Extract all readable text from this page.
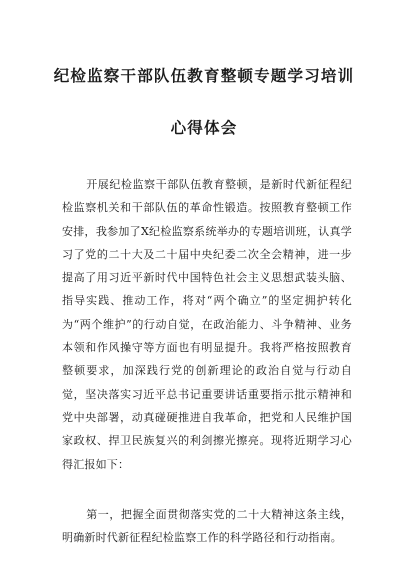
纪检监察干部队伍教育整顿专题学习培训
心得体会

开展纪检监察干部队伍教育整顿，是新时代新征程纪检监察机关和干部队伍的革命性锻造。按照教育整顿工作安排，我参加了X纪检监察系统举办的专题培训班，认真学习了党的二十大及二十届中央纪委二次全会精神，进一步提高了用习近平新时代中国特色社会主义思想武装头脑、指导实践、推动工作，将对“两个确立”的坚定拥护转化为“两个维护”的行动自觉，在政治能力、斗争精神、业务本领和作风操守等方面也有明显提升。我将严格按照教育整顿要求，加深践行党的创新理论的政治自觉与行动自觉，坚决落实习近平总书记重要讲话重要指示批示精神和党中央部署，动真碰硬推进自我革命，把党和人民维护国家政权、捍卫民族复兴的利剑擦光擦亮。现将近期学习心得汇报如下：

第一，把握全面贯彻落实党的二十大精神这条主线，明确新时代新征程纪检监察工作的科学路径和行动指南。
